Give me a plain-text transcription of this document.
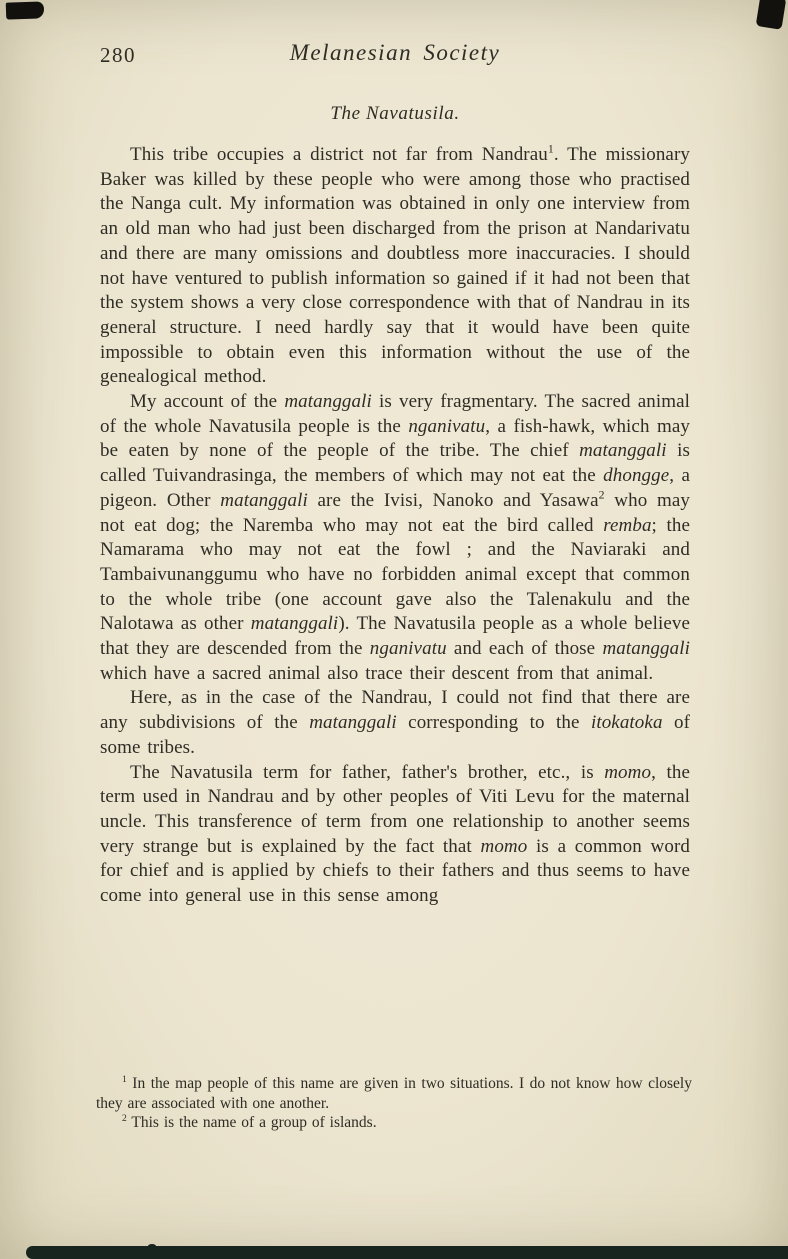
280	Melanesian Society
The Navatusila.

This tribe occupies a district not far from Nandrau$^1$. The missionary Baker was killed by these people who were among those who practised the Nanga cult. My information was obtained in only one interview from an old man who had just been discharged from the prison at Nandarivatu and there are many omissions and doubtless more inaccuracies. I should not have ventured to publish information so gained if it had not been that the system shows a very close correspondence with that of Nandrau in its general structure. I need hardly say that it would have been quite impossible to obtain even this information without the use of the genealogical method.

My account of the matanggali is very fragmentary. The sacred animal of the whole Navatusila people is the nganivatu, a fish-hawk, which may be eaten by none of the people of the tribe. The chief matanggali is called Tuivandrasinga, the members of which may not eat the dhongge, a pigeon. Other matanggali are the Ivisi, Nanoko and Yasawa$^2$ who may not eat dog; the Naremba who may not eat the bird called remba; the Namarama who may not eat the fowl ; and the Naviaraki and Tambaivunanggumu who have no forbidden animal except that common to the whole tribe (one account gave also the Talenakulu and the Nalotawa as other matanggali). The Navatusila people as a whole believe that they are descended from the nganivatu and each of those matanggali which have a sacred animal also trace their descent from that animal.

Here, as in the case of the Nandrau, I could not find that there are any subdivisions of the matanggali corresponding to the itokatoka of some tribes.

The Navatusila term for father, father's brother, etc., is momo, the term used in Nandrau and by other peoples of Viti Levu for the maternal uncle. This transference of term from one relationship to another seems very strange but is explained by the fact that momo is a common word for chief and is applied by chiefs to their fathers and thus seems to have come into general use in this sense among

$^1$ In the map people of this name are given in two situations. I do not know how closely they are associated with one another.

$^2$ This is the name of a group of islands.
